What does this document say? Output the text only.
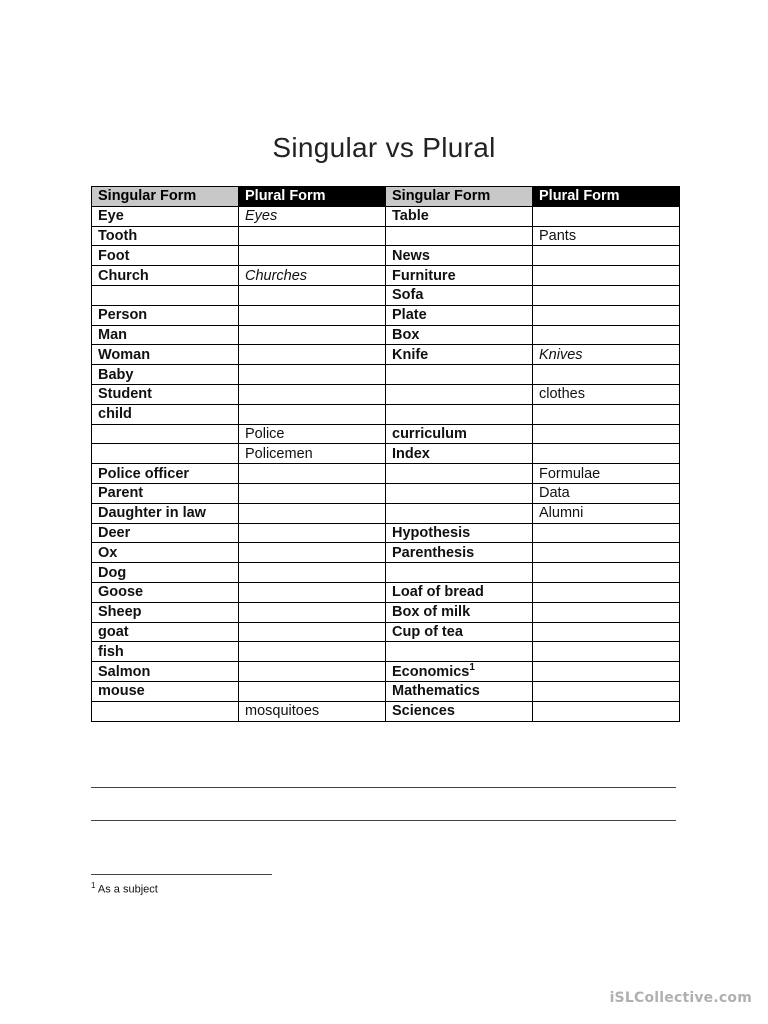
Singular vs Plural
Singular Form	Plural Form	Singular Form	Plural Form
Eye	Eyes	Table	
Tooth			Pants
Foot		News	
Church	Churches	Furniture	
		Sofa	
Person		Plate	
Man		Box	
Woman		Knife	Knives
Baby			
Student			clothes
child			
	Police	curriculum	
	Policemen	Index	
Police officer			Formulae
Parent			Data
Daughter in law			Alumni
Deer		Hypothesis	
Ox		Parenthesis	
Dog			
Goose		Loaf of bread	
Sheep		Box of milk	
goat		Cup of tea	
fish			
Salmon		Economics$^1$	
mouse		Mathematics	
	mosquitoes	Sciences	
$^1$ As a subject
iSLCollective.com
